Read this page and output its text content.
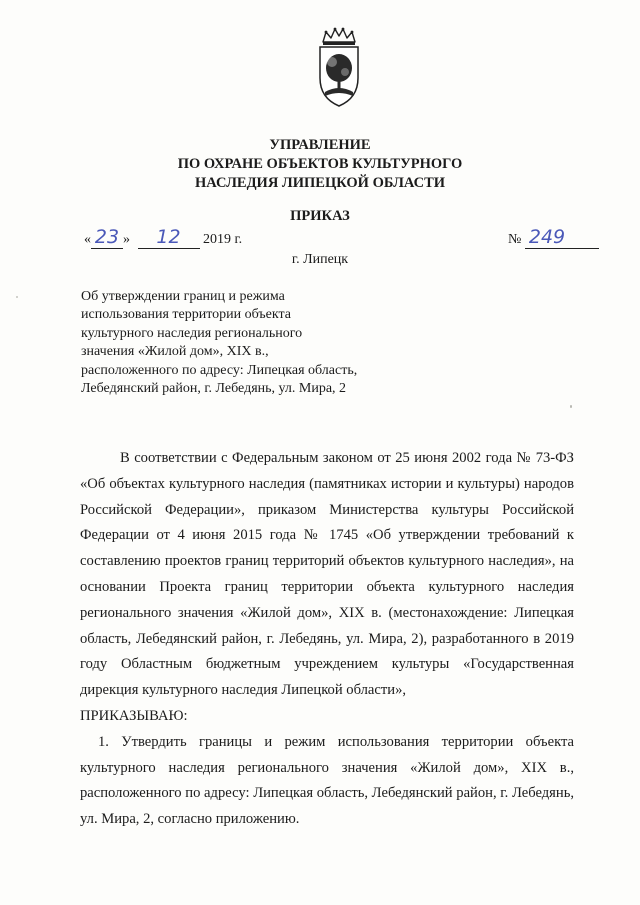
УПРАВЛЕНИЕ
ПО ОХРАНЕ ОБЪЕКТОВ КУЛЬТУРНОГО
НАСЛЕДИЯ ЛИПЕЦКОЙ ОБЛАСТИ
ПРИКАЗ
« 23 » 12 2019 г.	№ 249
г. Липецк
Об утверждении границ и режима
использования территории объекта
культурного наследия регионального
значения «Жилой дом», XIX в.,
расположенного по адресу: Липецкая область,
Лебедянский район, г. Лебедянь, ул. Мира, 2

В соответствии с Федеральным законом от 25 июня 2002 года № 73-ФЗ «Об объектах культурного наследия (памятниках истории и культуры) народов Российской Федерации», приказом Министерства культуры Российской Федерации от 4 июня 2015 года № 1745 «Об утверждении требований к составлению проектов границ территорий объектов культурного наследия», на основании Проекта границ территории объекта культурного наследия регионального значения «Жилой дом», XIX в. (местонахождение: Липецкая область, Лебедянский район, г. Лебедянь, ул. Мира, 2), разработанного в 2019 году Областным бюджетным учреждением культуры «Государственная дирекция культурного наследия Липецкой области»,

ПРИКАЗЫВАЮ:

1. Утвердить границы и режим использования территории объекта культурного наследия регионального значения «Жилой дом», XIX в., расположенного по адресу: Липецкая область, Лебедянский район, г. Лебедянь, ул. Мира, 2, согласно приложению.
